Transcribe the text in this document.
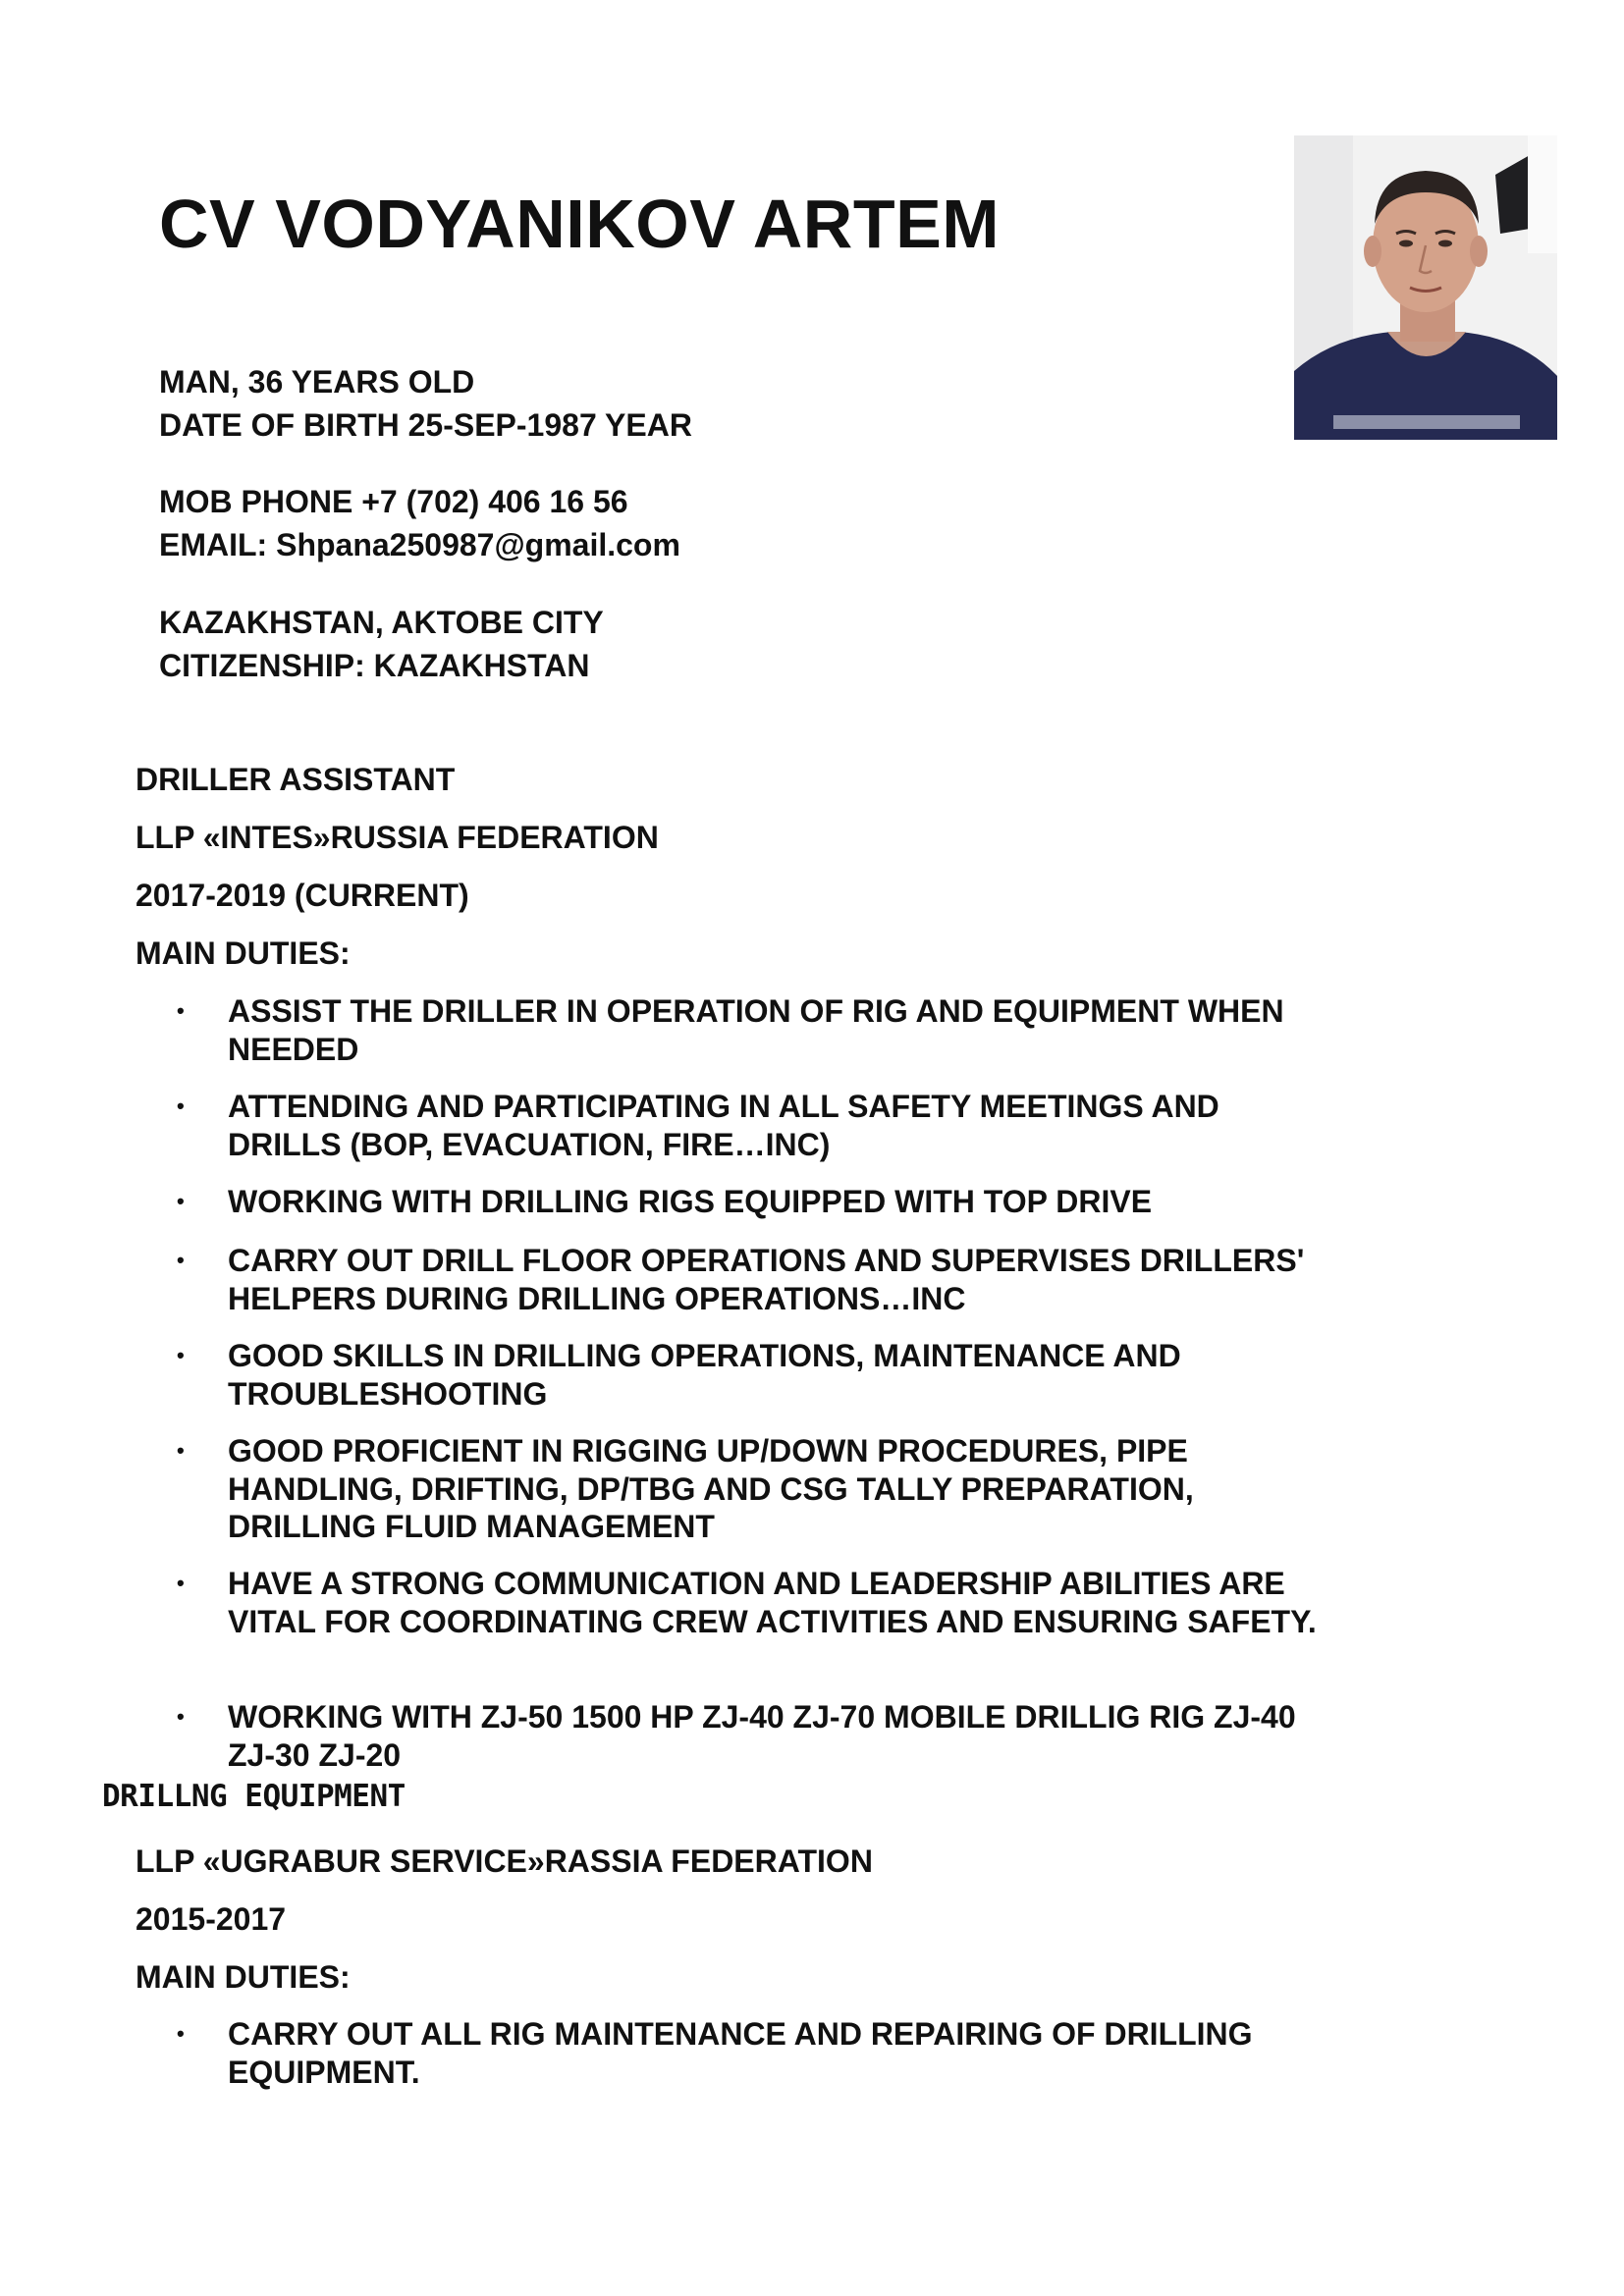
CV VODYANIKOV ARTEM
MAN, 36 YEARS OLD
DATE OF BIRTH 25-SEP-1987 YEAR
MOB PHONE +7 (702) 406 16 56
EMAIL: Shpana250987@gmail.com
KAZAKHSTAN, AKTOBE CITY
CITIZENSHIP: KAZAKHSTAN
DRILLER ASSISTANT
LLP «INTES»RUSSIA FEDERATION
2017-2019 (CURRENT)
MAIN DUTIES:
• ASSIST THE DRILLER IN OPERATION OF RIG AND EQUIPMENT WHEN NEEDED
• ATTENDING AND PARTICIPATING IN ALL SAFETY MEETINGS AND DRILLS (BOP, EVACUATION, FIRE…INC)
• WORKING WITH DRILLING RIGS EQUIPPED WITH TOP DRIVE
• CARRY OUT DRILL FLOOR OPERATIONS AND SUPERVISES DRILLERS' HELPERS DURING DRILLING OPERATIONS…INC
• GOOD SKILLS IN DRILLING OPERATIONS, MAINTENANCE AND TROUBLESHOOTING
• GOOD PROFICIENT IN RIGGING UP/DOWN PROCEDURES, PIPE HANDLING, DRIFTING, DP/TBG AND CSG TALLY PREPARATION, DRILLING FLUID MANAGEMENT
• HAVE A STRONG COMMUNICATION AND LEADERSHIP ABILITIES ARE VITAL FOR COORDINATING CREW ACTIVITIES AND ENSURING SAFETY.
• WORKING WITH ZJ-50 1500 HP ZJ-40 ZJ-70 MOBILE DRILLIG RIG ZJ-40 ZJ-30 ZJ-20
DRILLNG EQUIPMENT
LLP «UGRABUR SERVICE»RASSIA FEDERATION
2015-2017
MAIN DUTIES:
• CARRY OUT ALL RIG MAINTENANCE AND REPAIRING OF DRILLING EQUIPMENT.
